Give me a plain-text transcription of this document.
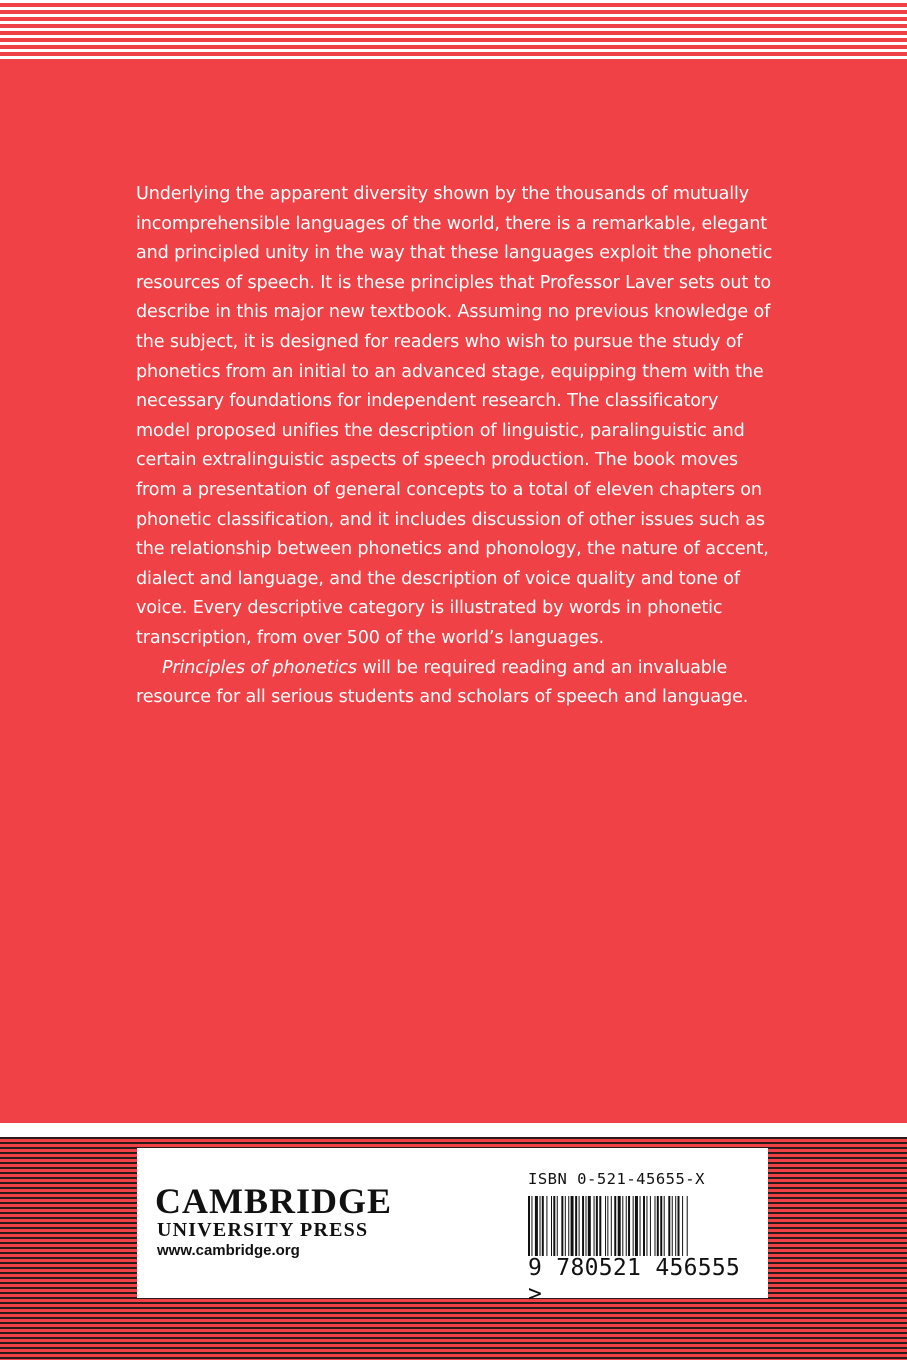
Underlying the apparent diversity shown by the thousands of mutually incomprehensible languages of the world, there is a remarkable, elegant and principled unity in the way that these languages exploit the phonetic resources of speech. It is these principles that Professor Laver sets out to describe in this major new textbook. Assuming no previous knowledge of the subject, it is designed for readers who wish to pursue the study of phonetics from an initial to an advanced stage, equipping them with the necessary foundations for independent research. The classificatory model proposed unifies the description of linguistic, paralinguistic and certain extralinguistic aspects of speech production. The book moves from a presentation of general concepts to a total of eleven chapters on phonetic classification, and it includes discussion of other issues such as the relationship between phonetics and phonology, the nature of accent, dialect and language, and the description of voice quality and tone of voice. Every descriptive category is illustrated by words in phonetic transcription, from over 500 of the world’s languages.

Principles of phonetics will be required reading and an invaluable resource for all serious students and scholars of speech and language.

CAMBRIDGE
UNIVERSITY PRESS
www.cambridge.org
ISBN 0-521-45655-X
9 780521 456555 >
